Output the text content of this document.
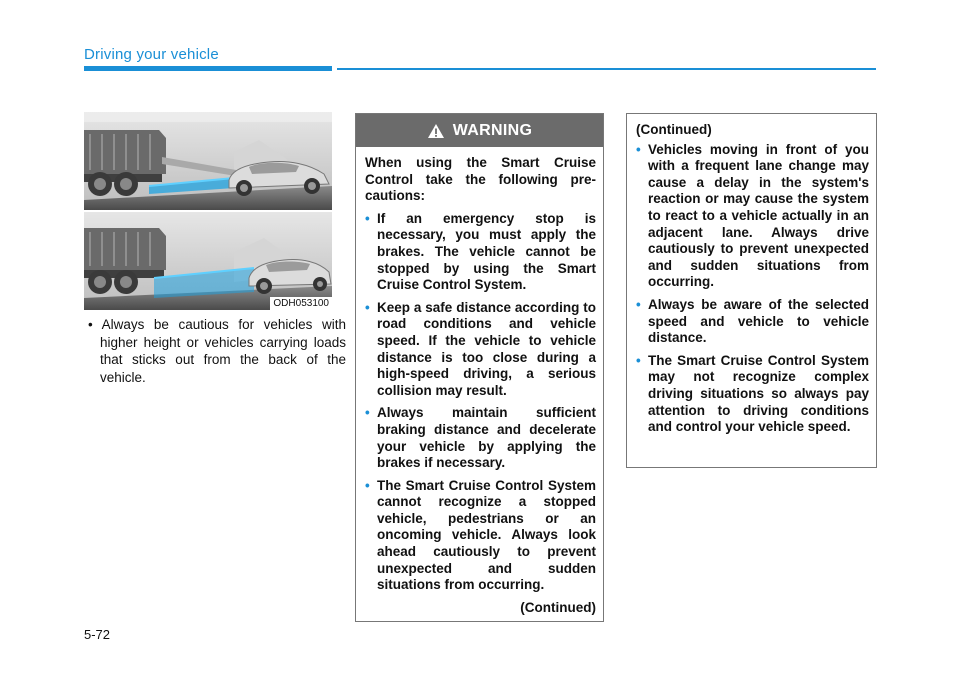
Driving your vehicle
ODH053100
• Always be cautious for vehicles with higher height or vehicles carrying loads that sticks out from the back of the vehicle.
WARNING

When using the Smart Cruise Control take the following pre-cautions:

• If an emergency stop is necessary, you must apply the brakes. The vehicle cannot be stopped by using the Smart Cruise Control System.
• Keep a safe distance according to road conditions and vehicle speed. If the vehicle to vehicle distance is too close during a high-speed driving, a serious collision may result.
• Always maintain sufficient braking distance and decelerate your vehicle by applying the brakes if necessary.
• The Smart Cruise Control System cannot recognize a stopped vehicle, pedestrians or an oncoming vehicle. Always look ahead cautiously to prevent unexpected and sudden situations from occurring.
(Continued)
(Continued)
• Vehicles moving in front of you with a frequent lane change may cause a delay in the system's reaction or may cause the system to react to a vehicle actually in an adjacent lane. Always drive cautiously to prevent unexpected and sudden situations from occurring.
• Always be aware of the selected speed and vehicle to vehicle distance.
• The Smart Cruise Control System may not recognize complex driving situations so always pay attention to driving conditions and control your vehicle speed.
5-72
